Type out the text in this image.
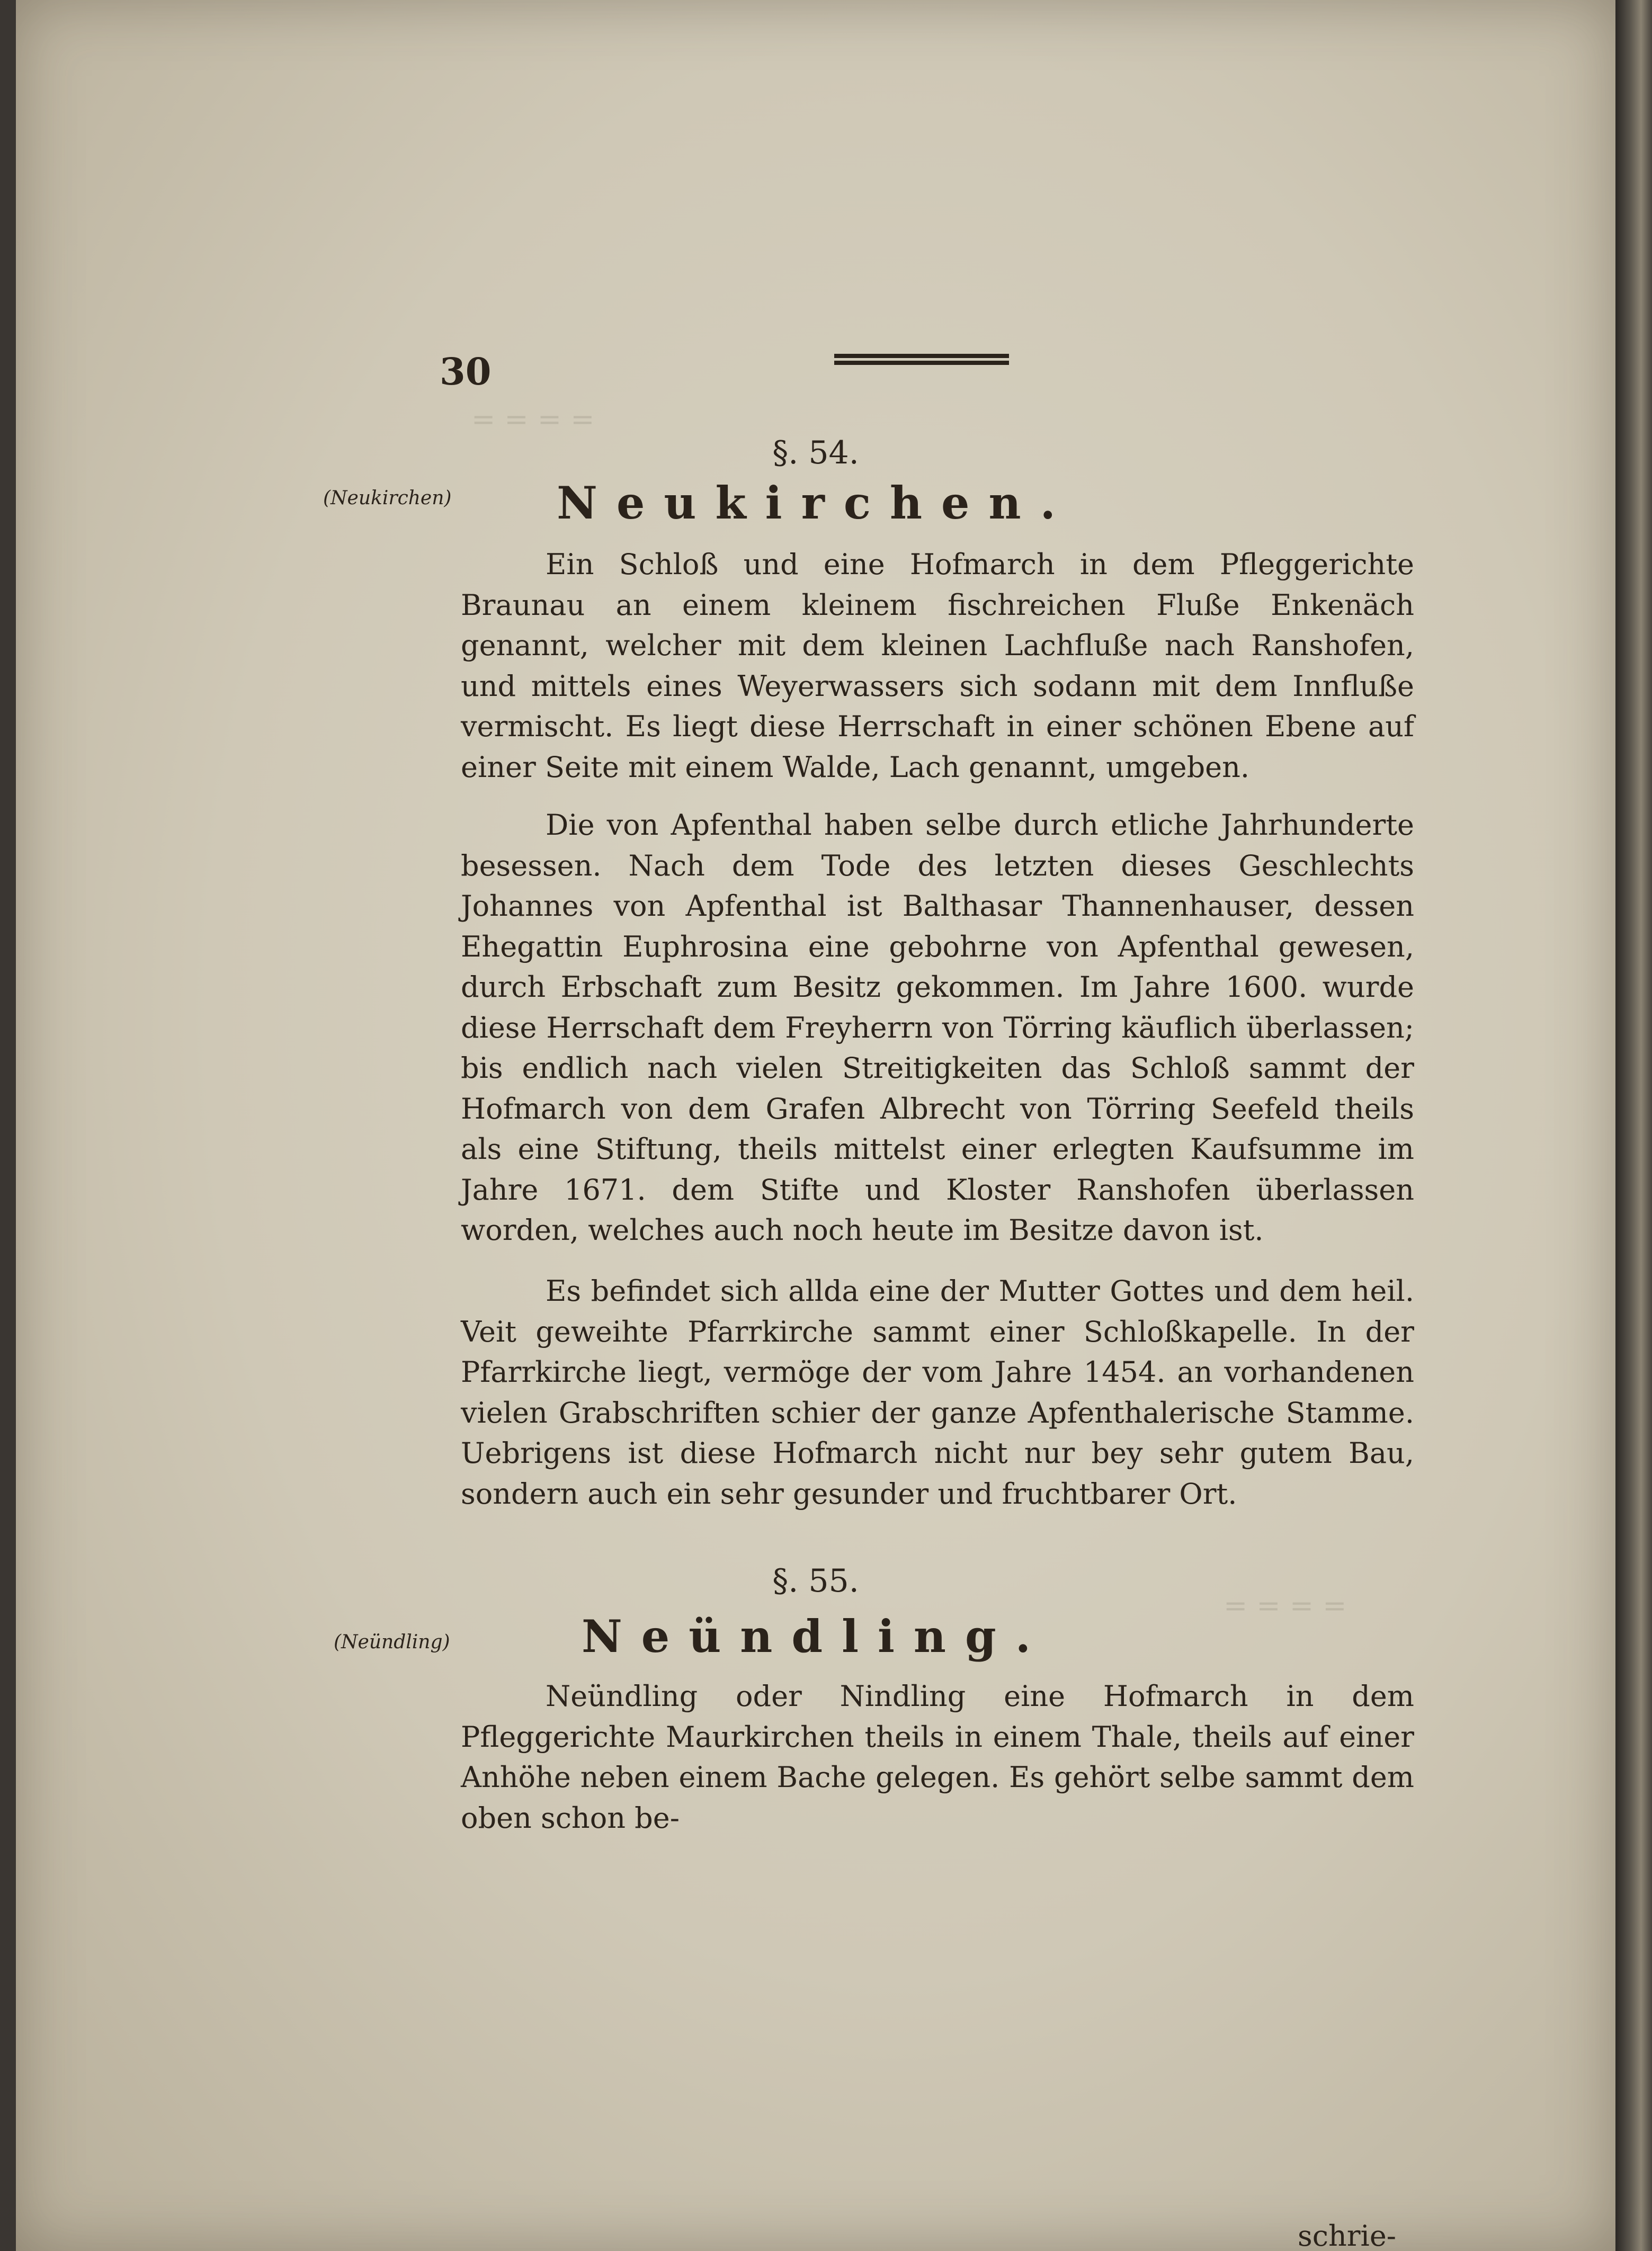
= = = =
= = = =
30
§. 54.
(Neukirchen)	Neukirchen.
Ein Schloß und eine Hofmarch in dem Pfleggerichte Braunau an einem kleinem fischreichen Fluße Enkenäch genannt, welcher mit dem kleinen Lachfluße nach Ranshofen, und mittels eines Weyerwassers sich sodann mit dem Innfluße vermischt. Es liegt diese Herrschaft in einer schönen Ebene auf einer Seite mit einem Walde, Lach genannt, umgeben.
Die von Apfenthal haben selbe durch etliche Jahrhunderte besessen. Nach dem Tode des letzten dieses Geschlechts Johannes von Apfenthal ist Balthasar Thannenhauser, dessen Ehegattin Euphrosina eine gebohrne von Apfenthal gewesen, durch Erbschaft zum Besitz gekommen. Im Jahre 1600. wurde diese Herrschaft dem Freyherrn von Törring käuflich überlassen; bis endlich nach vielen Streitigkeiten das Schloß sammt der Hofmarch von dem Grafen Albrecht von Törring Seefeld theils als eine Stiftung, theils mittelst einer erlegten Kaufsumme im Jahre 1671. dem Stifte und Kloster Ranshofen überlassen worden, welches auch noch heute im Besitze davon ist.
Es befindet sich allda eine der Mutter Gottes und dem heil. Veit geweihte Pfarrkirche sammt einer Schloßkapelle. In der Pfarrkirche liegt, vermöge der vom Jahre 1454. an vorhandenen vielen Grabschriften schier der ganze Apfenthalerische Stamme. Uebrigens ist diese Hofmarch nicht nur bey sehr gutem Bau, sondern auch ein sehr gesunder und fruchtbarer Ort.
§. 55.
(Neündling)	Neündling.
Neündling oder Nindling eine Hofmarch in dem Pfleggerichte Maurkirchen theils in einem Thale, theils auf einer Anhöhe neben einem Bache gelegen. Es gehört selbe sammt dem oben schon be-
schrie-
